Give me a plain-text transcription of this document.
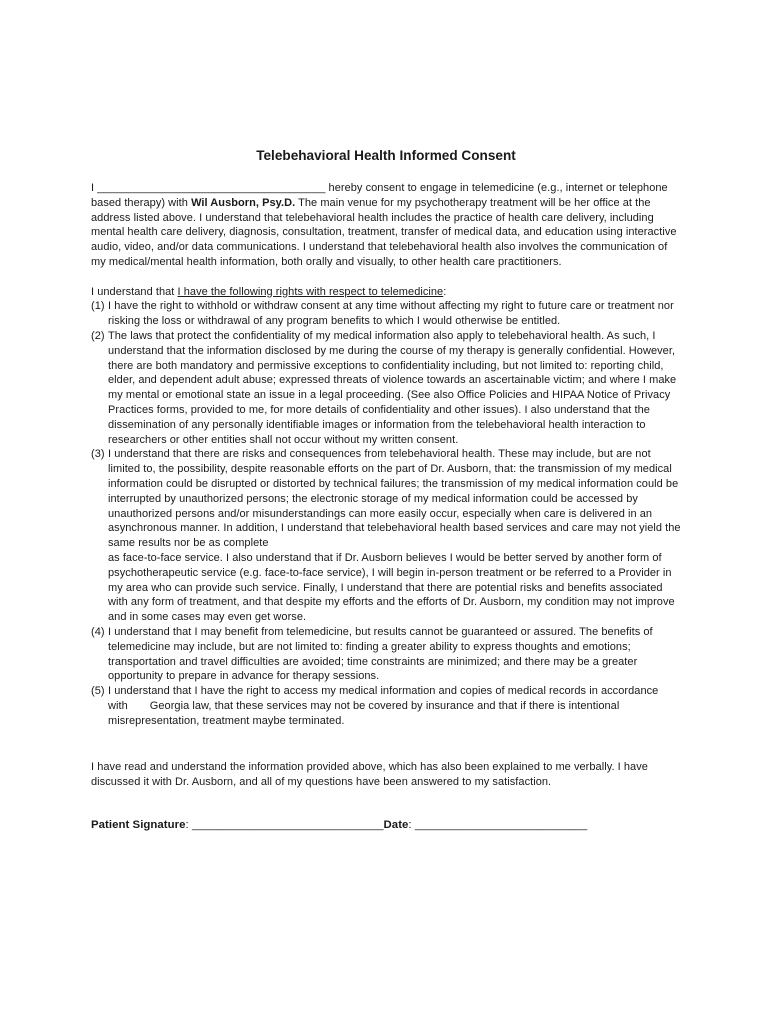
Telebehavioral Health Informed Consent

I _____________________________________ hereby consent to engage in telemedicine (e.g., internet or telephone based therapy) with Wil Ausborn, Psy.D. The main venue for my psychotherapy treatment will be her office at the address listed above. I understand that telebehavioral health includes the practice of health care delivery, including mental health care delivery, diagnosis, consultation, treatment, transfer of medical data, and education using interactive audio, video, and/or data communications. I understand that telebehavioral health also involves the communication of my medical/mental health information, both orally and visually, to other health care practitioners.

I understand that I have the following rights with respect to telemedicine:

(1) I have the right to withhold or withdraw consent at any time without affecting my right to future care or treatment nor risking the loss or withdrawal of any program benefits to which I would otherwise be entitled.
(2) The laws that protect the confidentiality of my medical information also apply to telebehavioral health. As such, I understand that the information disclosed by me during the course of my therapy is generally confidential. However, there are both mandatory and permissive exceptions to confidentiality including, but not limited to: reporting child, elder, and dependent adult abuse; expressed threats of violence towards an ascertainable victim; and where I make my mental or emotional state an issue in a legal proceeding. (See also Office Policies and HIPAA Notice of Privacy Practices forms, provided to me, for more details of confidentiality and other issues). I also understand that the dissemination of any personally identifiable images or information from the telebehavioral health interaction to researchers or other entities shall not occur without my written consent.
(3) I understand that there are risks and consequences from telebehavioral health. These may include, but are not limited to, the possibility, despite reasonable efforts on the part of Dr. Ausborn, that: the transmission of my medical information could be disrupted or distorted by technical failures; the transmission of my medical information could be interrupted by unauthorized persons; the electronic storage of my medical information could be accessed by unauthorized persons and/or misunderstandings can more easily occur, especially when care is delivered in an asynchronous manner. In addition, I understand that telebehavioral health based services and care may not yield the same results nor be as complete
as face-to-face service. I also understand that if Dr. Ausborn believes I would be better served by another form of psychotherapeutic service (e.g. face-to-face service), I will begin in-person treatment or be referred to a Provider in my area who can provide such service. Finally, I understand that there are potential risks and benefits associated with any form of treatment, and that despite my efforts and the efforts of Dr. Ausborn, my condition may not improve and in some cases may even get worse.
(4) I understand that I may benefit from telemedicine, but results cannot be guaranteed or assured. The benefits of telemedicine may include, but are not limited to: finding a greater ability to express thoughts and emotions; transportation and travel difficulties are avoided; time constraints are minimized; and there may be a greater opportunity to prepare in advance for therapy sessions.
(5) I understand that I have the right to access my medical information and copies of medical records in accordance with Georgia law, that these services may not be covered by insurance and that if there is intentional misrepresentation, treatment maybe terminated.

I have read and understand the information provided above, which has also been explained to me verbally. I have discussed it with Dr. Ausborn, and all of my questions have been answered to my satisfaction.

Patient Signature: ______________________________Date: ___________________________
